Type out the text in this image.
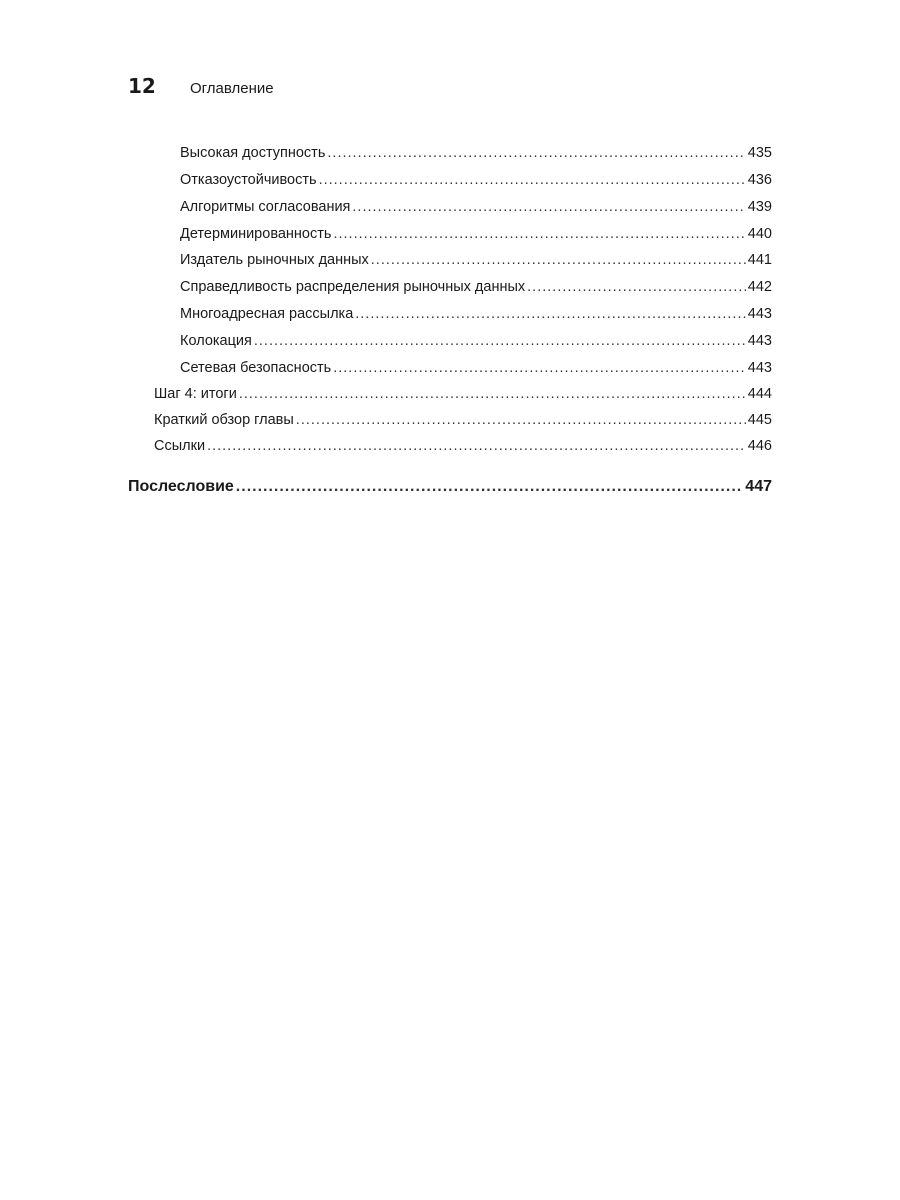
12	Оглавление
Высокая доступность .....	435
Отказоустойчивость .....	436
Алгоритмы согласования .....	439
Детерминированность .....	440
Издатель рыночных данных .....	441
Справедливость распределения рыночных данных .....	442
Многоадресная рассылка .....	443
Колокация .....	443
Сетевая безопасность .....	443
Шаг 4: итоги .....	444
Краткий обзор главы .....	445
Ссылки .....	446
Послесловие .....	447
